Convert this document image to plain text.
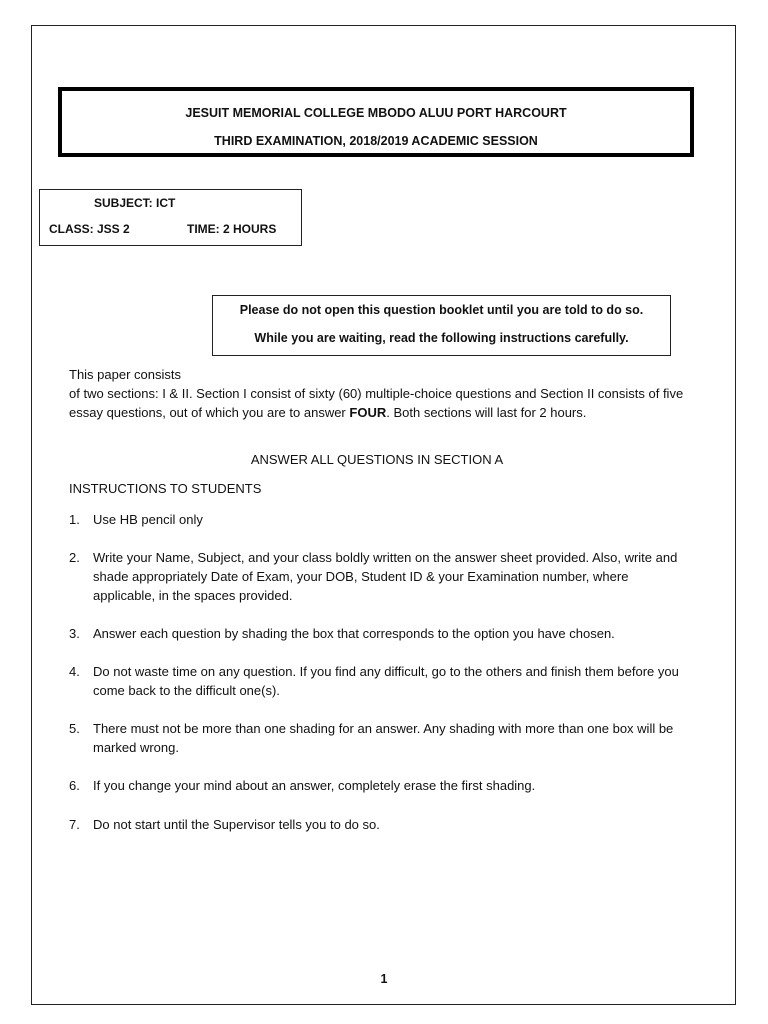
JESUIT MEMORIAL COLLEGE MBODO ALUU PORT HARCOURT
THIRD EXAMINATION, 2018/2019 ACADEMIC SESSION
SUBJECT: ICT
CLASS: JSS 2	TIME: 2 HOURS
Please do not open this question booklet until you are told to do so.
While you are waiting, read the following instructions carefully.
This paper consists
of two sections: I & II. Section I consist of sixty (60) multiple-choice questions and Section II consists of five essay questions, out of which you are to answer FOUR. Both sections will last for 2 hours.
ANSWER ALL QUESTIONS IN SECTION A
INSTRUCTIONS TO STUDENTS
1. Use HB pencil only
2. Write your Name, Subject, and your class boldly written on the answer sheet provided. Also, write and shade appropriately Date of Exam, your DOB, Student ID & your Examination number, where applicable, in the spaces provided.
3. Answer each question by shading the box that corresponds to the option you have chosen.
4. Do not waste time on any question. If you find any difficult, go to the others and finish them before you come back to the difficult one(s).
5. There must not be more than one shading for an answer. Any shading with more than one box will be marked wrong.
6. If you change your mind about an answer, completely erase the first shading.
7. Do not start until the Supervisor tells you to do so.
1
